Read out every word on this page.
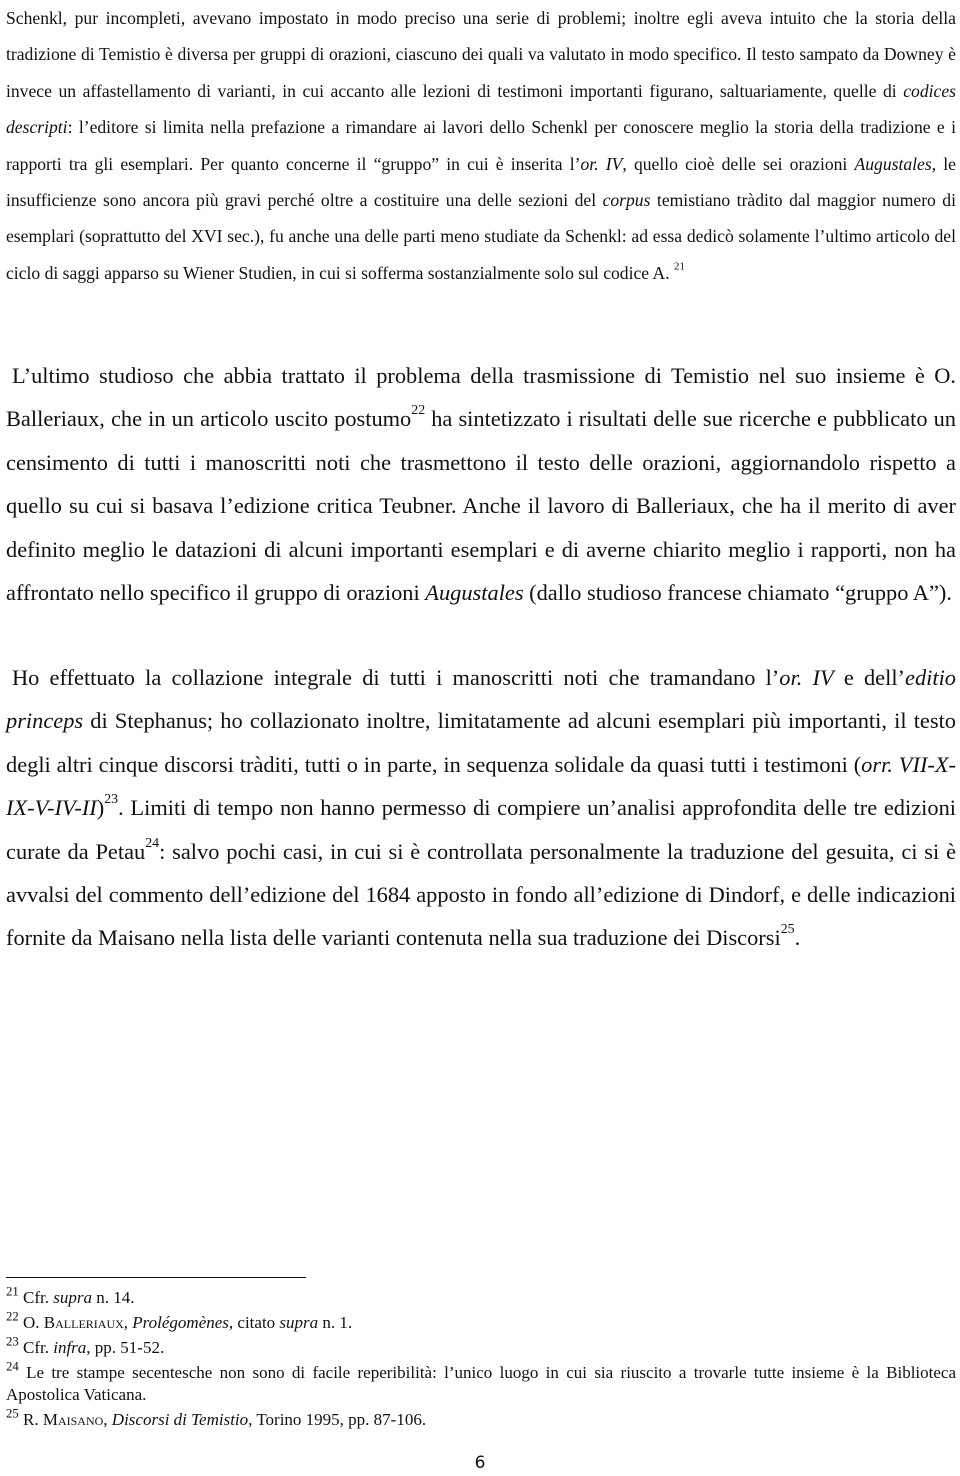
Schenkl, pur incompleti, avevano impostato in modo preciso una serie di problemi; inoltre egli aveva intuito che la storia della tradizione di Temistio è diversa per gruppi di orazioni, ciascuno dei quali va valutato in modo specifico. Il testo sampato da Downey è invece un affastellamento di varianti, in cui accanto alle lezioni di testimoni importanti figurano, saltuariamente, quelle di codices descripti: l’editore si limita nella prefazione a rimandare ai lavori dello Schenkl per conoscere meglio la storia della tradizione e i rapporti tra gli esemplari. Per quanto concerne il “gruppo” in cui è inserita l’or. IV, quello cioè delle sei orazioni Augustales, le insufficienze sono ancora più gravi perché oltre a costituire una delle sezioni del corpus temistiano tràdito dal maggior numero di esemplari (soprattutto del XVI sec.), fu anche una delle parti meno studiate da Schenkl: ad essa dedicò solamente l’ultimo articolo del ciclo di saggi apparso su Wiener Studien, in cui si sofferma sostanzialmente solo sul codice A. $^{21}$

L’ultimo studioso che abbia trattato il problema della trasmissione di Temistio nel suo insieme è O. Balleriaux, che in un articolo uscito postumo$^{22}$ ha sintetizzato i risultati delle sue ricerche e pubblicato un censimento di tutti i manoscritti noti che trasmettono il testo delle orazioni, aggiornandolo rispetto a quello su cui si basava l’edizione critica Teubner. Anche il lavoro di Balleriaux, che ha il merito di aver definito meglio le datazioni di alcuni importanti esemplari e di averne chiarito meglio i rapporti, non ha affrontato nello specifico il gruppo di orazioni Augustales (dallo studioso francese chiamato “gruppo A”).

Ho effettuato la collazione integrale di tutti i manoscritti noti che tramandano l’or. IV e dell’editio princeps di Stephanus; ho collazionato inoltre, limitatamente ad alcuni esemplari più importanti, il testo degli altri cinque discorsi tràditi, tutti o in parte, in sequenza solidale da quasi tutti i testimoni (orr. VII-X-IX-V-IV-II)$^{23}$. Limiti di tempo non hanno permesso di compiere un’analisi approfondita delle tre edizioni curate da Petau$^{24}$: salvo pochi casi, in cui si è controllata personalmente la traduzione del gesuita, ci si è avvalsi del commento dell’edizione del 1684 apposto in fondo all’edizione di Dindorf, e delle indicazioni fornite da Maisano nella lista delle varianti contenuta nella sua traduzione dei Discorsi$^{25}$.

$^{21}$ Cfr. supra n. 14.

$^{22}$ O. Balleriaux, Prolégomènes, citato supra n. 1.

$^{23}$ Cfr. infra, pp. 51-52.

$^{24}$ Le tre stampe secentesche non sono di facile reperibilità: l’unico luogo in cui sia riuscito a trovarle tutte insieme è la Biblioteca Apostolica Vaticana.

$^{25}$ R. Maisano, Discorsi di Temistio, Torino 1995, pp. 87-106.

6
